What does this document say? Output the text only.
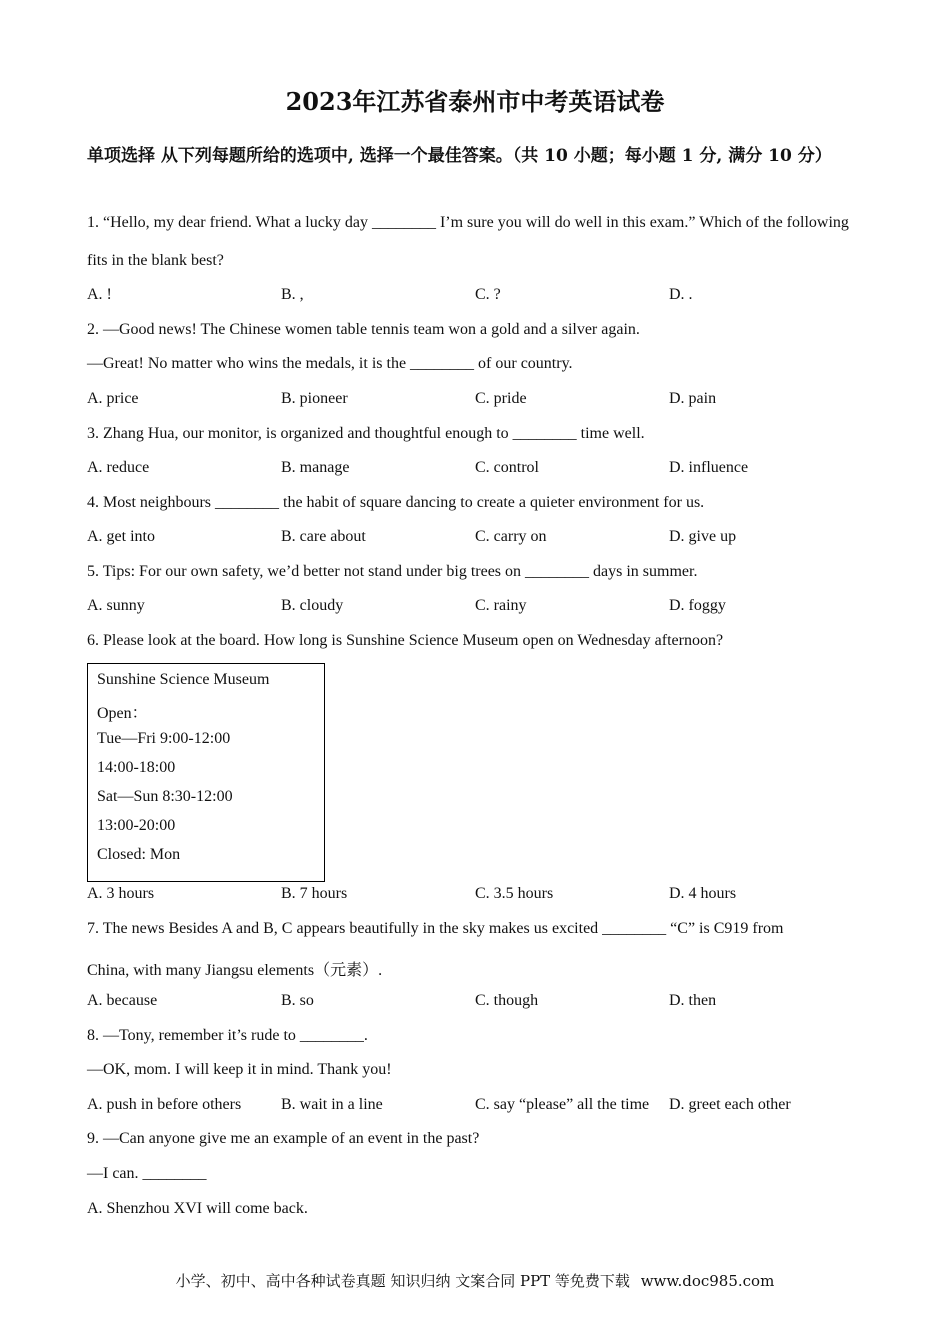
2023年江苏省泰州市中考英语试卷
单项选择 从下列每题所给的选项中, 选择一个最佳答案。（共 10 小题；每小题 1 分, 满分 10 分）
1. “Hello, my dear friend. What a lucky day ________ I’m sure you will do well in this exam.” Which of the following
fits in the blank best?
A. !	B. ,	C. ?	D. .
2. —Good news! The Chinese women table tennis team won a gold and a silver again.
—Great! No matter who wins the medals, it is the ________ of our country.
A. price	B. pioneer	C. pride	D. pain
3. Zhang Hua, our monitor, is organized and thoughtful enough to ________ time well.
A. reduce	B. manage	C. control	D. influence
4. Most neighbours ________ the habit of square dancing to create a quieter environment for us.
A. get into	B. care about	C. carry on	D. give up
5. Tips: For our own safety, we’d better not stand under big trees on ________ days in summer.
A. sunny	B. cloudy	C. rainy	D. foggy
6. Please look at the board. How long is Sunshine Science Museum open on Wednesday afternoon?
Sunshine Science Museum
Open：
Tue—Fri 9:00-12:00
14:00-18:00
Sat—Sun 8:30-12:00
13:00-20:00
Closed: Mon
A. 3 hours	B. 7 hours	C. 3.5 hours	D. 4 hours
7. The news Besides A and B, C appears beautifully in the sky makes us excited ________ “C” is C919 from
China, with many Jiangsu elements（元素）.
A. because	B. so	C. though	D. then
8. —Tony, remember it’s rude to ________.
—OK, mom. I will keep it in mind. Thank you!
A. push in before others B. wait in a line	C. say “please” all the time D. greet each other
9. —Can anyone give me an example of an event in the past?
—I can. ________
A. Shenzhou XVI will come back.
小学、初中、高中各种试卷真题 知识归纳 文案合同 PPT 等免费下载 www.doc985.com
